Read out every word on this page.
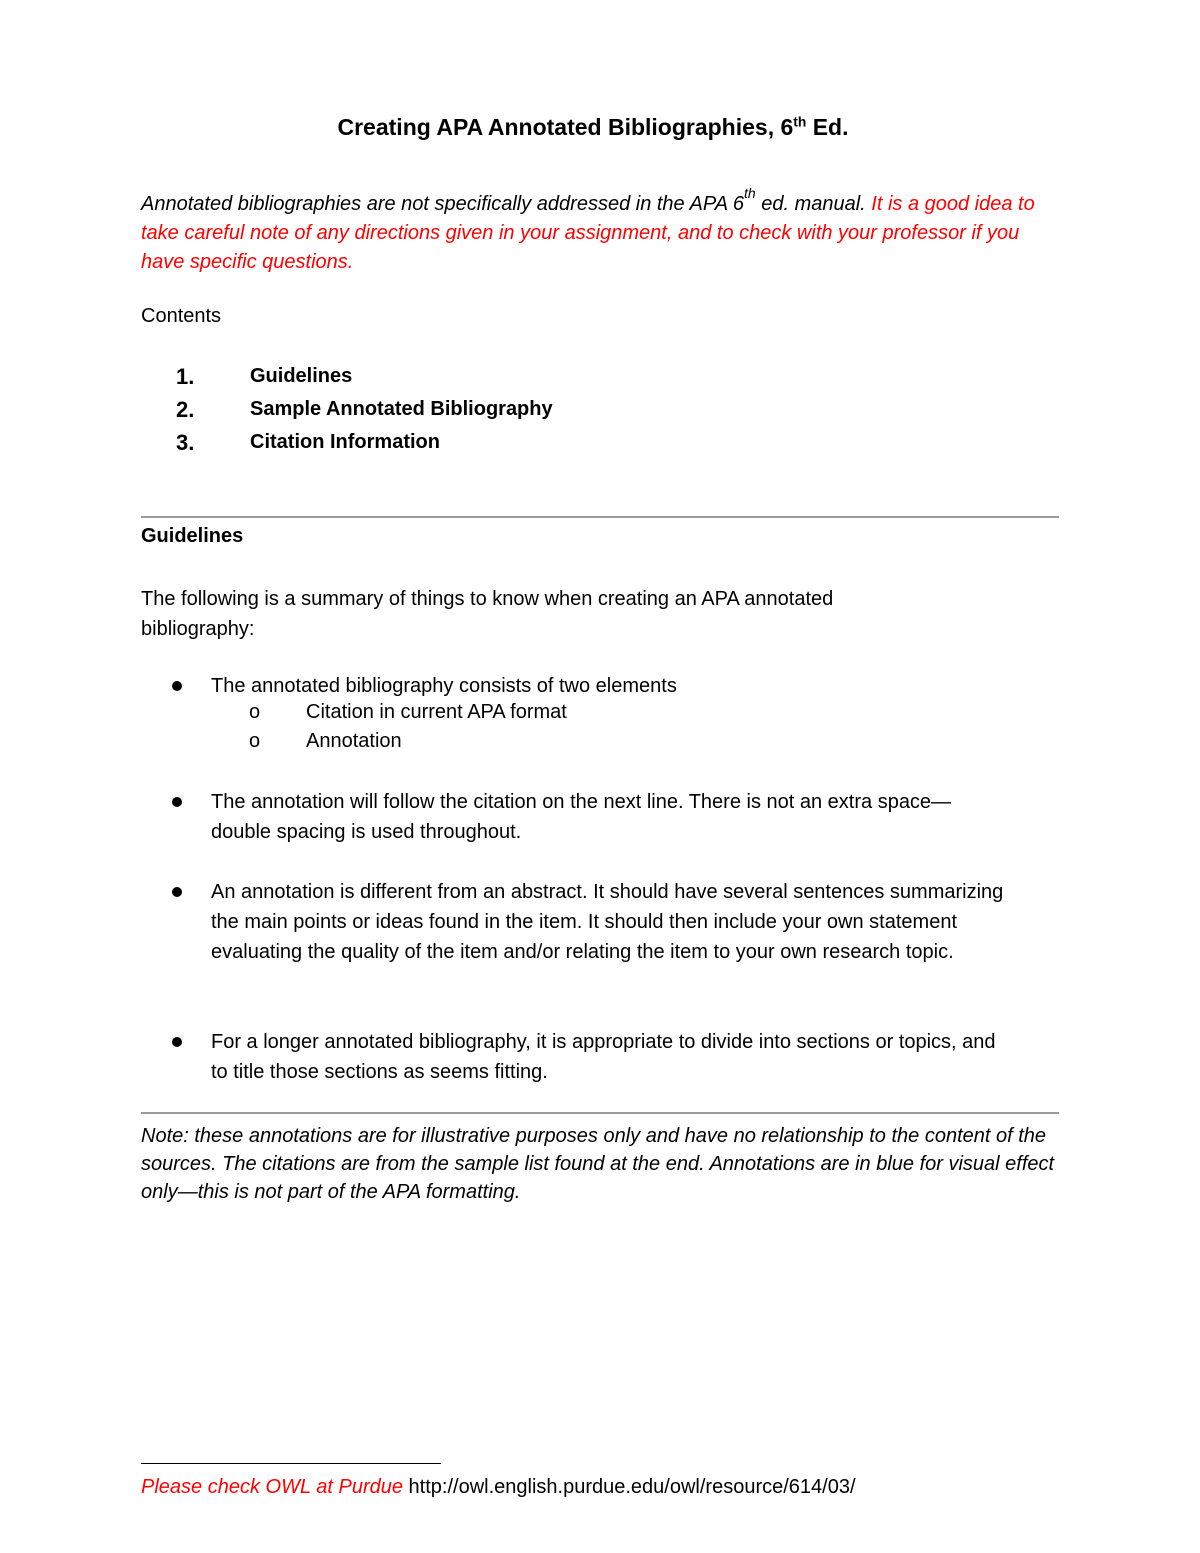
Creating APA Annotated Bibliographies, 6th Ed.
Annotated bibliographies are not specifically addressed in the APA 6th ed. manual. It is a good idea to take careful note of any directions given in your assignment, and to check with your professor if you have specific questions.
Contents
1.	Guidelines
2.	Sample Annotated Bibliography
3.	Citation Information
Guidelines
The following is a summary of things to know when creating an APA annotated bibliography:
The annotated bibliography consists of two elements
o Citation in current APA format
o Annotation
The annotation will follow the citation on the next line. There is not an extra space—double spacing is used throughout.
An annotation is different from an abstract. It should have several sentences summarizing the main points or ideas found in the item. It should then include your own statement evaluating the quality of the item and/or relating the item to your own research topic.
For a longer annotated bibliography, it is appropriate to divide into sections or topics, and to title those sections as seems fitting.
Note: these annotations are for illustrative purposes only and have no relationship to the content of the sources. The citations are from the sample list found at the end. Annotations are in blue for visual effect only—this is not part of the APA formatting.
Please check OWL at Purdue http://owl.english.purdue.edu/owl/resource/614/03/
